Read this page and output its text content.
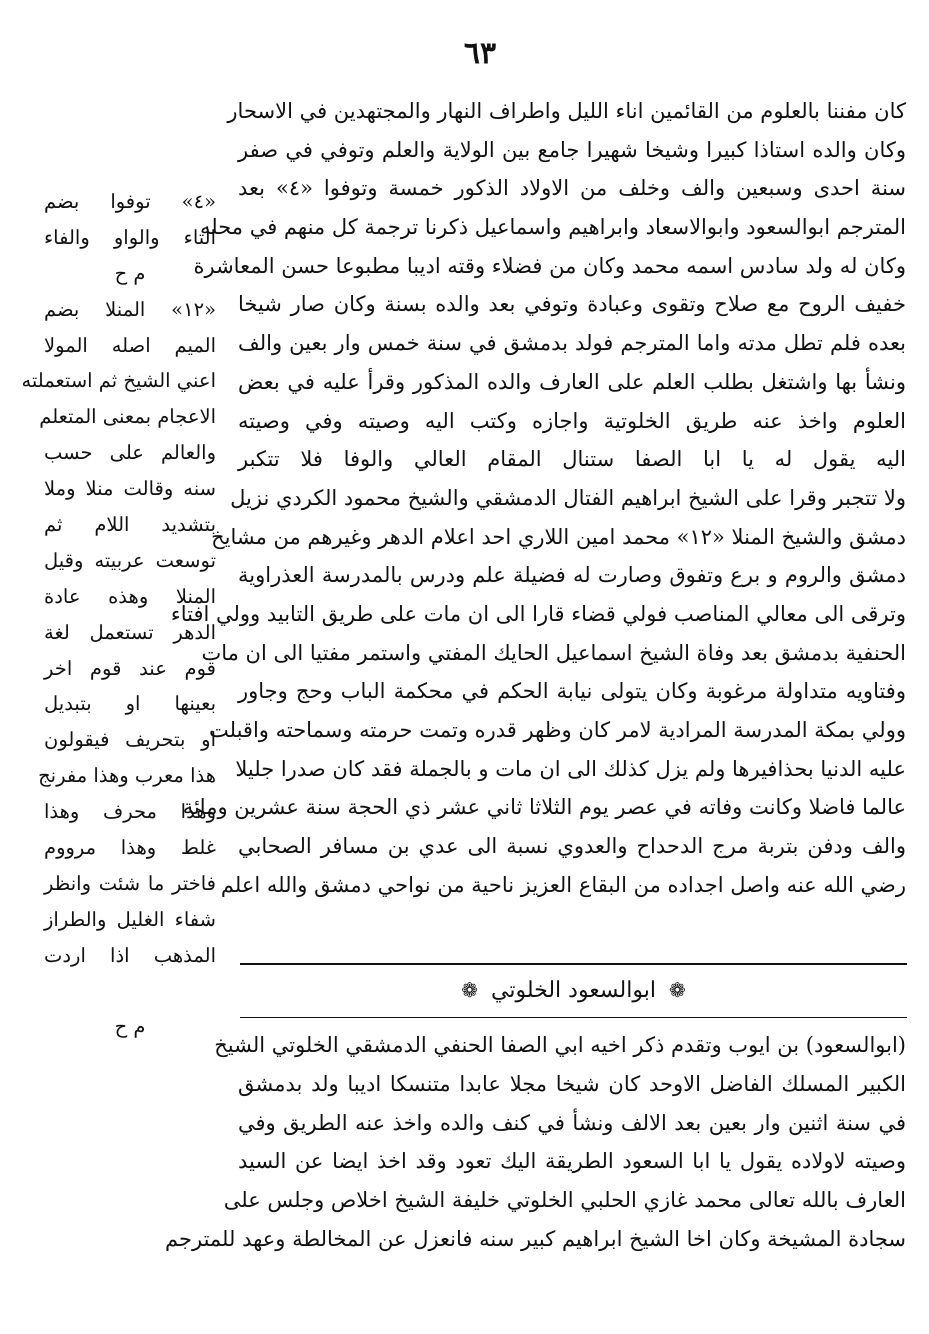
٦٣
كان مفننا بالعلوم من القائمين اناء الليل واطراف النهار والمجتهدين في الاسحار
وكان والده استاذا كبيرا وشيخا شهيرا جامع بين الولاية والعلم وتوفي في صفر
سنة احدى وسبعين والف وخلف من الاولاد الذكور خمسة وتوفوا «٤» بعد
المترجم ابوالسعود وابوالاسعاد وابراهيم واسماعيل ذكرنا ترجمة كل منهم في محله
وكان له ولد سادس اسمه محمد وكان من فضلاء وقته اديبا مطبوعا حسن المعاشرة
خفيف الروح مع صلاح وتقوى وعبادة وتوفي بعد والده بسنة وكان صار شيخا
بعده فلم تطل مدته واما المترجم فولد بدمشق في سنة خمس وار بعين والف
ونشأ بها واشتغل بطلب العلم على العارف والده المذكور وقرأ عليه في بعض
العلوم واخذ عنه طريق الخلوتية واجازه وكتب اليه وصيته وفي وصيته
اليه يقول له يا ابا الصفا ستنال المقام العالي والوفا فلا تتكبر
ولا تتجبر وقرا على الشيخ ابراهيم الفتال الدمشقي والشيخ محمود الكردي نزيل
دمشق والشيخ المنلا «١٢» محمد امين اللاري احد اعلام الدهر وغيرهم من مشايخ
دمشق والروم و برع وتفوق وصارت له فضيلة علم ودرس بالمدرسة العذراوية
وترقى الى معالي المناصب فولي قضاء قارا الى ان مات على طريق التابيد وولي افتاء
الحنفية بدمشق بعد وفاة الشيخ اسماعيل الحايك المفتي واستمر مفتيا الى ان مات
وفتاويه متداولة مرغوبة وكان يتولى نيابة الحكم في محكمة الباب وحج وجاور
وولي بمكة المدرسة المرادية لامر كان وظهر قدره وتمت حرمته وسماحته واقبلت
عليه الدنيا بحذافيرها ولم يزل كذلك الى ان مات و بالجملة فقد كان صدرا جليلا
عالما فاضلا وكانت وفاته في عصر يوم الثلاثا ثاني عشر ذي الحجة سنة عشرين ومائة
والف ودفن بتربة مرج الدحداح والعدوي نسبة الى عدي بن مسافر الصحابي
رضي الله عنه واصل اجداده من البقاع العزيز ناحية من نواحي دمشق والله اعلم
«٤» توفوا بضم
التاء والواو والفاء
م ح
«١٢» المنلا بضم
الميم اصله المولا
اعني الشيخ ثم استعملته
الاعجام بمعنى المتعلم
والعالم على حسب
سنه وقالت منلا وملا
بتشديد اللام ثم
توسعت عربيته وقيل
المنلا وهذه عادة
الدهر تستعمل لغة
قوم عند قوم اخر
بعينها او بتبديل
او بتحريف فيقولون
هذا معرب وهذا مفرنج
وهذا محرف وهذا
غلط وهذا مرووم
فاختر ما شئت وانظر
شفاء الغليل والطراز
المذهب اذا اردت
م ح
❁ ابوالسعود الخلوتي ❁
(ابوالسعود) بن ايوب وتقدم ذكر اخيه ابي الصفا الحنفي الدمشقي الخلوتي الشيخ
الكبير المسلك الفاضل الاوحد كان شيخا مجلا عابدا متنسكا اديبا ولد بدمشق
في سنة اثنين وار بعين بعد الالف ونشأ في كنف والده واخذ عنه الطريق وفي
وصيته لاولاده يقول يا ابا السعود الطريقة اليك تعود وقد اخذ ايضا عن السيد
العارف بالله تعالى محمد غازي الحلبي الخلوتي خليفة الشيخ اخلاص وجلس على
سجادة المشيخة وكان اخا الشيخ ابراهيم كبير سنه فانعزل عن المخالطة وعهد للمترجم
